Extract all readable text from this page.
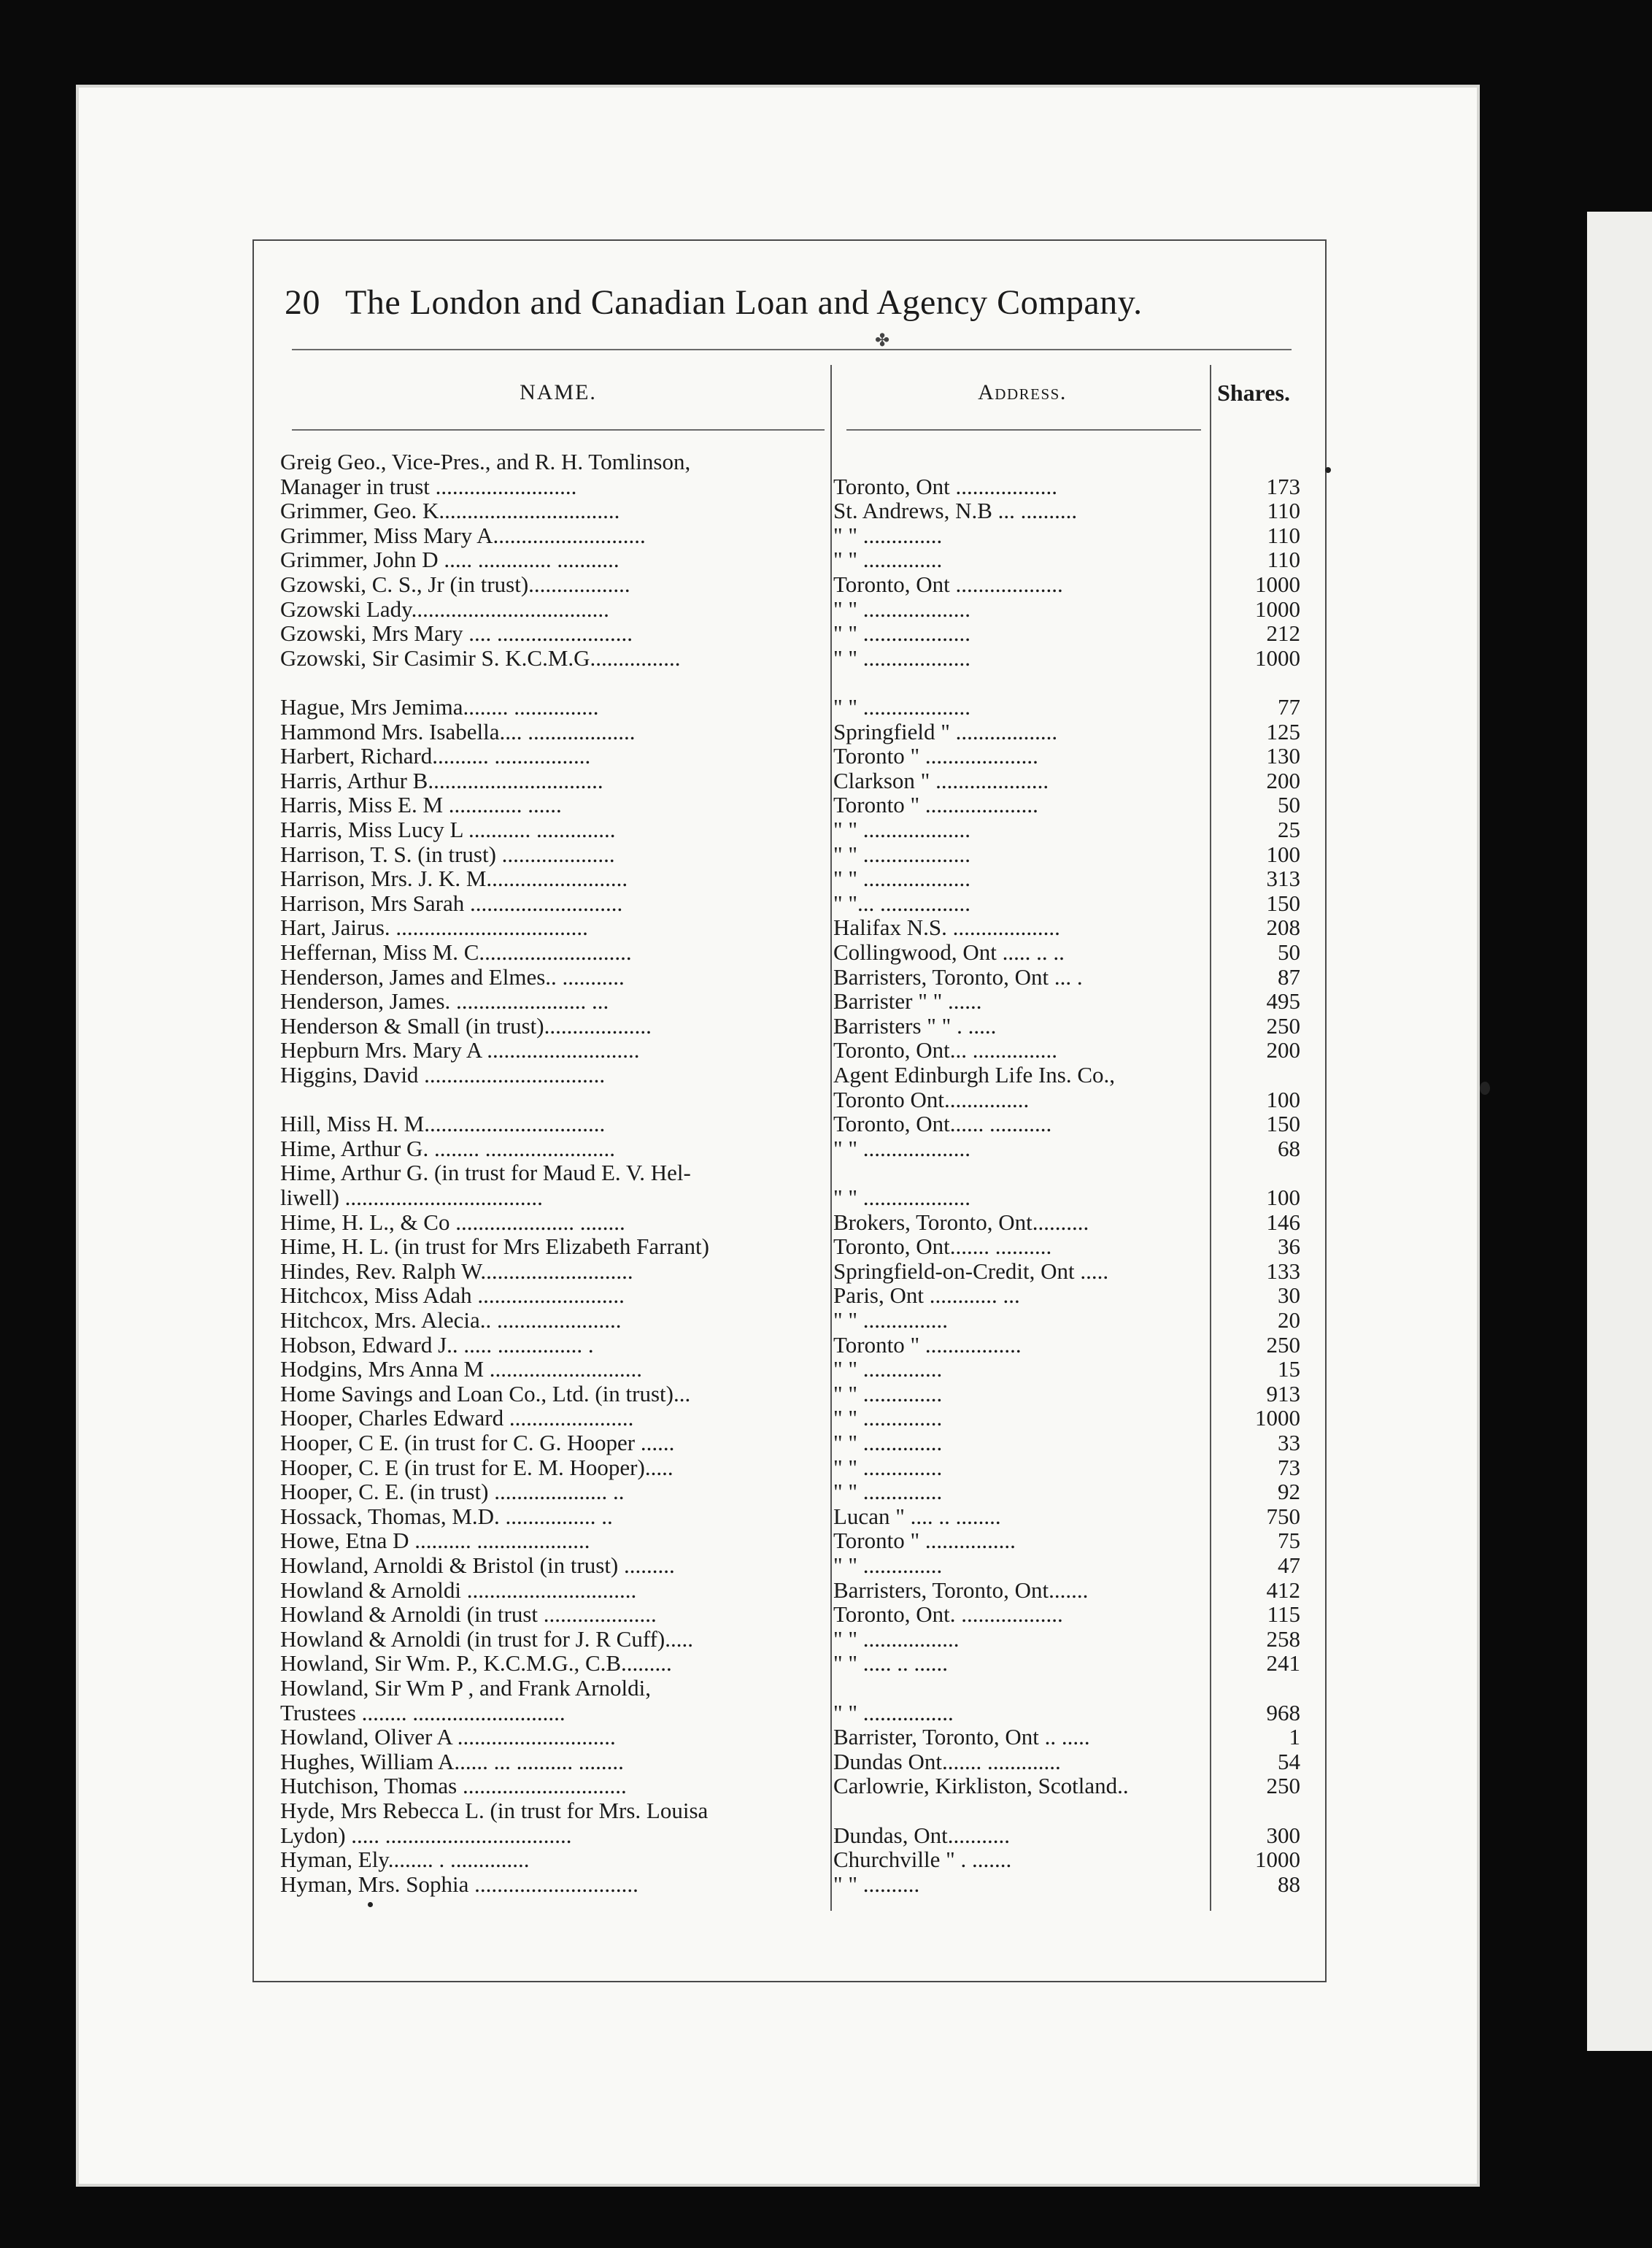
20 The London and Canadian Loan and Agency Company.
✤
NAME.	Address.	Shares.
Greig Geo., Vice-Pres., and R. H. Tomlinson,
Manager in trust .........................	Toronto, Ont ..................	173
Grimmer, Geo. K................................	St. Andrews, N.B ... ..........	110
Grimmer, Miss Mary A...........................	" " ..............	110
Grimmer, John D ..... ............. ...........	" " ..............	110
Gzowski, C. S., Jr (in trust)..................	Toronto, Ont ...................	1000
Gzowski Lady...................................	" " ...................	1000
Gzowski, Mrs Mary .... ........................	" " ...................	212
Gzowski, Sir Casimir S. K.C.M.G................	" " ...................	1000
Hague, Mrs Jemima........ ...............	" " ...................	77
Hammond Mrs. Isabella.... ...................	Springfield " ..................	125
Harbert, Richard.......... .................	Toronto " ....................	130
Harris, Arthur B...............................	Clarkson " ....................	200
Harris, Miss E. M ............. ......	Toronto " ....................	50
Harris, Miss Lucy L ........... ..............	" " ...................	25
Harrison, T. S. (in trust) ....................	" " ...................	100
Harrison, Mrs. J. K. M.........................	" " ...................	313
Harrison, Mrs Sarah ...........................	" "... ................	150
Hart, Jairus. ..................................	Halifax N.S. ...................	208
Heffernan, Miss M. C...........................	Collingwood, Ont ..... .. ..	50
Henderson, James and Elmes.. ...........	Barristers, Toronto, Ont ... .	87
Henderson, James. ....................... ...	Barrister " " ......	495
Henderson & Small (in trust)...................	Barristers " " . .....	250
Hepburn Mrs. Mary A ...........................	Toronto, Ont... ...............	200
Higgins, David ................................	Agent Edinburgh Life Ins. Co.,
Toronto Ont...............	100
Hill, Miss H. M................................	Toronto, Ont...... ...........	150
Hime, Arthur G. ........ .......................	" " ...................	68
Hime, Arthur G. (in trust for Maud E. V. Hel-
liwell) ...................................	" " ...................	100
Hime, H. L., & Co ..................... ........	Brokers, Toronto, Ont..........	146
Hime, H. L. (in trust for Mrs Elizabeth Farrant)	Toronto, Ont....... ..........	36
Hindes, Rev. Ralph W...........................	Springfield-on-Credit, Ont .....	133
Hitchcox, Miss Adah ..........................	Paris, Ont ............ ...	30
Hitchcox, Mrs. Alecia.. ......................	" " ...............	20
Hobson, Edward J.. ..... ............... .	Toronto " .................	250
Hodgins, Mrs Anna M ...........................	" " ..............	15
Home Savings and Loan Co., Ltd. (in trust)...	" " ..............	913
Hooper, Charles Edward ......................	" " ..............	1000
Hooper, C E. (in trust for C. G. Hooper ......	" " ..............	33
Hooper, C. E (in trust for E. M. Hooper).....	" " ..............	73
Hooper, C. E. (in trust) .................... ..	" " ..............	92
Hossack, Thomas, M.D. ................ ..	Lucan " .... .. ........	750
Howe, Etna D .......... ....................	Toronto " ................	75
Howland, Arnoldi & Bristol (in trust) .........	" " ..............	47
Howland & Arnoldi ..............................	Barristers, Toronto, Ont.......	412
Howland & Arnoldi (in trust ....................	Toronto, Ont. ..................	115
Howland & Arnoldi (in trust for J. R Cuff).....	" " .................	258
Howland, Sir Wm. P., K.C.M.G., C.B.........	" " ..... .. ......	241
Howland, Sir Wm P , and Frank Arnoldi,
Trustees ........ ...........................	" " ................	968
Howland, Oliver A ............................	Barrister, Toronto, Ont .. .....	1
Hughes, William A...... ... .......... ........	Dundas Ont....... .............	54
Hutchison, Thomas .............................	Carlowrie, Kirkliston, Scotland..	250
Hyde, Mrs Rebecca L. (in trust for Mrs. Louisa
Lydon) ..... .................................	Dundas, Ont...........	300
Hyman, Ely........ . ..............	Churchville " . .......	1000
Hyman, Mrs. Sophia .............................	" " ..........	88
